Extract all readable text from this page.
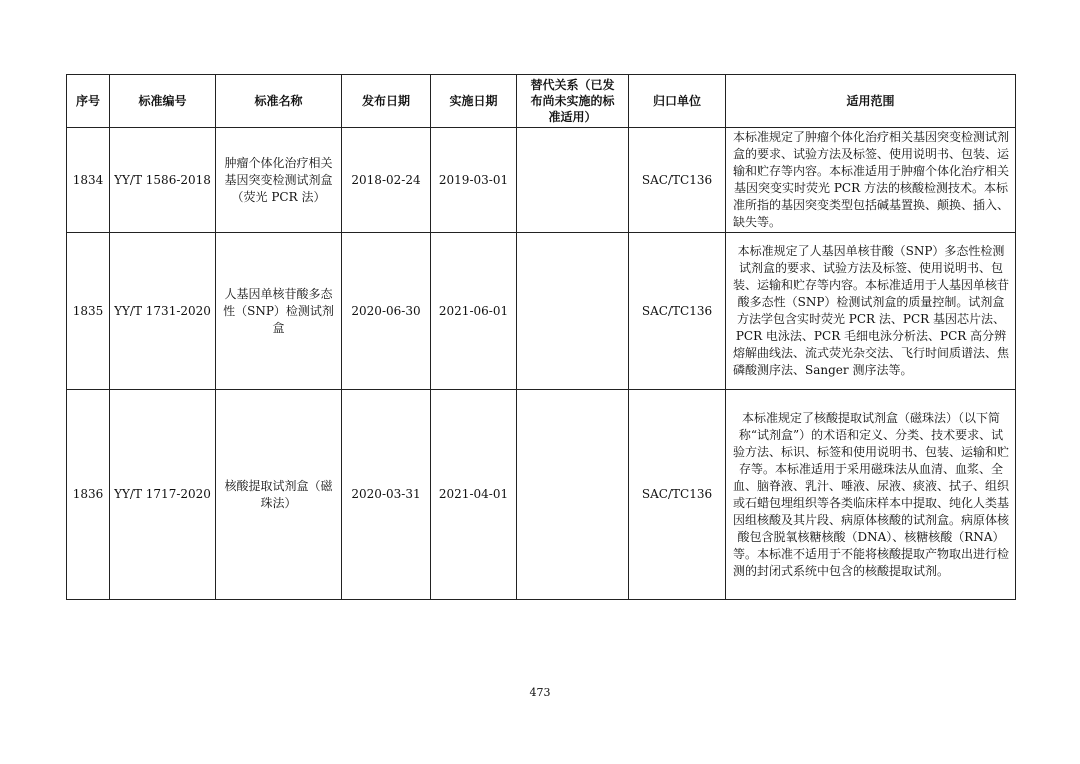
序号	标准编号	标准名称	发布日期	实施日期	替代关系（已发布尚未实施的标准适用）	归口单位	适用范围
1834	YY/T 1586-2018	肿瘤个体化治疗相关基因突变检测试剂盒（荧光 PCR 法）	2018-02-24	2019-03-01		SAC/TC136	本标准规定了肿瘤个体化治疗相关基因突变检测试剂盒的要求、试验方法及标签、使用说明书、包装、运输和贮存等内容。本标准适用于肿瘤个体化治疗相关基因突变实时荧光 PCR 方法的核酸检测技术。本标准所指的基因突变类型包括碱基置换、颠换、插入、缺失等。
1835	YY/T 1731-2020	人基因单核苷酸多态性（SNP）检测试剂盒	2020-06-30	2021-06-01		SAC/TC136	本标准规定了人基因单核苷酸（SNP）多态性检测试剂盒的要求、试验方法及标签、使用说明书、包装、运输和贮存等内容。本标准适用于人基因单核苷酸多态性（SNP）检测试剂盒的质量控制。试剂盒方法学包含实时荧光 PCR 法、PCR 基因芯片法、PCR 电泳法、PCR 毛细电泳分析法、PCR 高分辨熔解曲线法、流式荧光杂交法、飞行时间质谱法、焦磷酸测序法、Sanger 测序法等。
1836	YY/T 1717-2020	核酸提取试剂盒（磁珠法）	2020-03-31	2021-04-01		SAC/TC136	本标准规定了核酸提取试剂盒（磁珠法）（以下简称“试剂盒”）的术语和定义、分类、技术要求、试验方法、标识、标签和使用说明书、包装、运输和贮存等。本标准适用于采用磁珠法从血清、血浆、全血、脑脊液、乳汁、唾液、尿液、痰液、拭子、组织或石蜡包埋组织等各类临床样本中提取、纯化人类基因组核酸及其片段、病原体核酸的试剂盒。病原体核酸包含脱氧核糖核酸（DNA）、核糖核酸（RNA）等。本标准不适用于不能将核酸提取产物取出进行检测的封闭式系统中包含的核酸提取试剂。
473
